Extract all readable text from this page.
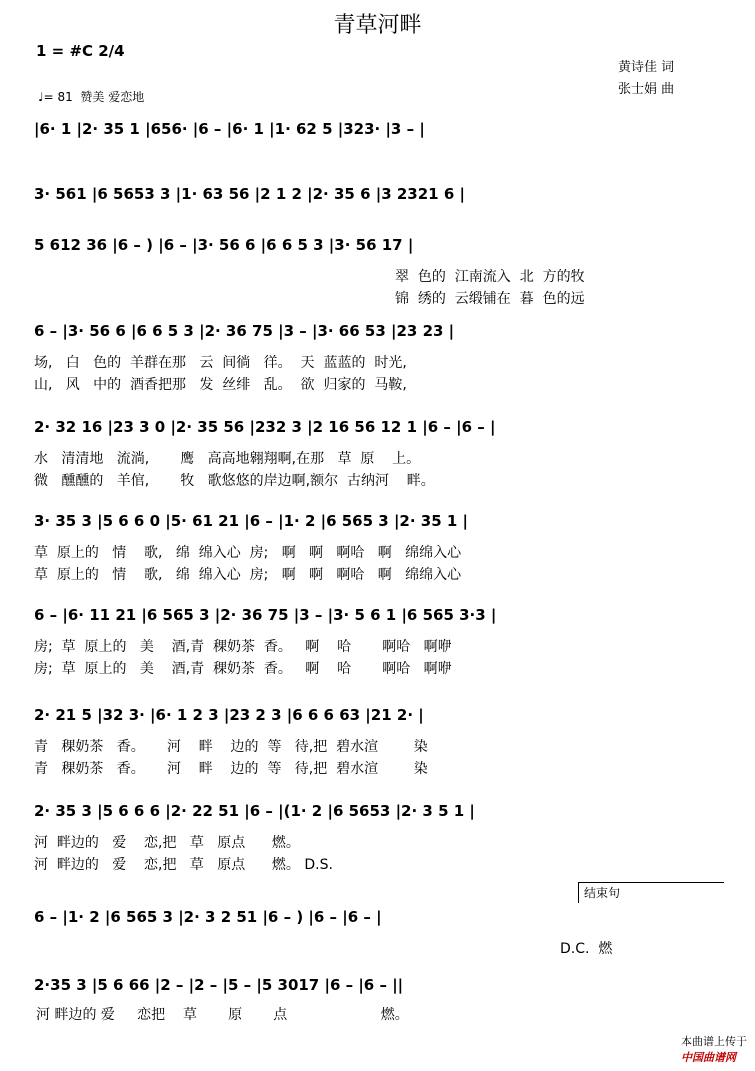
青草河畔
1 = #C 2/4
♩= 81  赞美 爱恋地
黄诗佳 词
张士娟 曲
|6· 1 |2· 35 1 |656· |6 – |6· 1 |1· 62 5 |323· |3 – |
3· 561 |6 5653 3 |1· 63 56 |2 1 2 |2· 35 6 |3 2321 6 |
5 612 36 |6 – ) |6 – |3· 56 6 |6 6 5 3 |3· 56 17 |
翠  色的  江南流入  北  方的牧
锦  绣的  云缎铺在  暮  色的远
6 – |3· 56 6 |6 6 5 3 |2· 36 75 |3 – |3· 66 53 |23 23 |
场,   白   色的  羊群在那   云  间徜   徉。  天  蓝蓝的  时光,
山,   风   中的  酒香把那   发  丝绯   乱。  欲  归家的  马鞍,
2· 32 16 |23 3 0 |2· 35 56 |232 3 |2 16 56 12 1 |6 – |6 – |
水   清清地   流淌,       鹰   高高地翱翔啊,在那   草  原    上。
微   醺醺的   羊倌,       牧   歌悠悠的岸边啊,额尔  古纳河    畔。
3· 35 3 |5 6 6 0 |5· 61 21 |6 – |1· 2 |6 565 3 |2· 35 1 |
草  原上的   情    歌,   绵  绵入心  房;   啊   啊   啊哈   啊   绵绵入心
草  原上的   情    歌,   绵  绵入心  房;   啊   啊   啊哈   啊   绵绵入心
6 – |6· 11 21 |6 565 3 |2· 36 75 |3 – |3· 5 6 1 |6 565 3·3 |
房;  草  原上的   美    酒,青  稞奶茶  香。   啊    哈       啊哈   啊咿
房;  草  原上的   美    酒,青  稞奶茶  香。   啊    哈       啊哈   啊咿
2· 21 5 |32 3· |6· 1 2 3 |23 2 3 |6 6 6 63 |21 2· |
青   稞奶茶   香。     河    畔    边的  等   待,把  碧水渲        染
青   稞奶茶   香。     河    畔    边的  等   待,把  碧水渲        染
2· 35 3 |5 6 6 6 |2· 22 51 |6 – |(1· 2 |6 5653 |2· 3 5 1 |
河  畔边的   爱    恋,把   草   原点      燃。
河  畔边的   爱    恋,把   草   原点      燃。 D.S.
结束句
6 – |1· 2 |6 565 3 |2· 3 2 51 |6 – ) |6 – |6 – |
D.C.  燃
2·35 3 |5 6 66 |2 – |2 – |5 – |5 3017 |6 – |6 – ||
河 畔边的 爱     恋把    草       原       点                     燃。

本曲谱上传于
中国曲谱网
